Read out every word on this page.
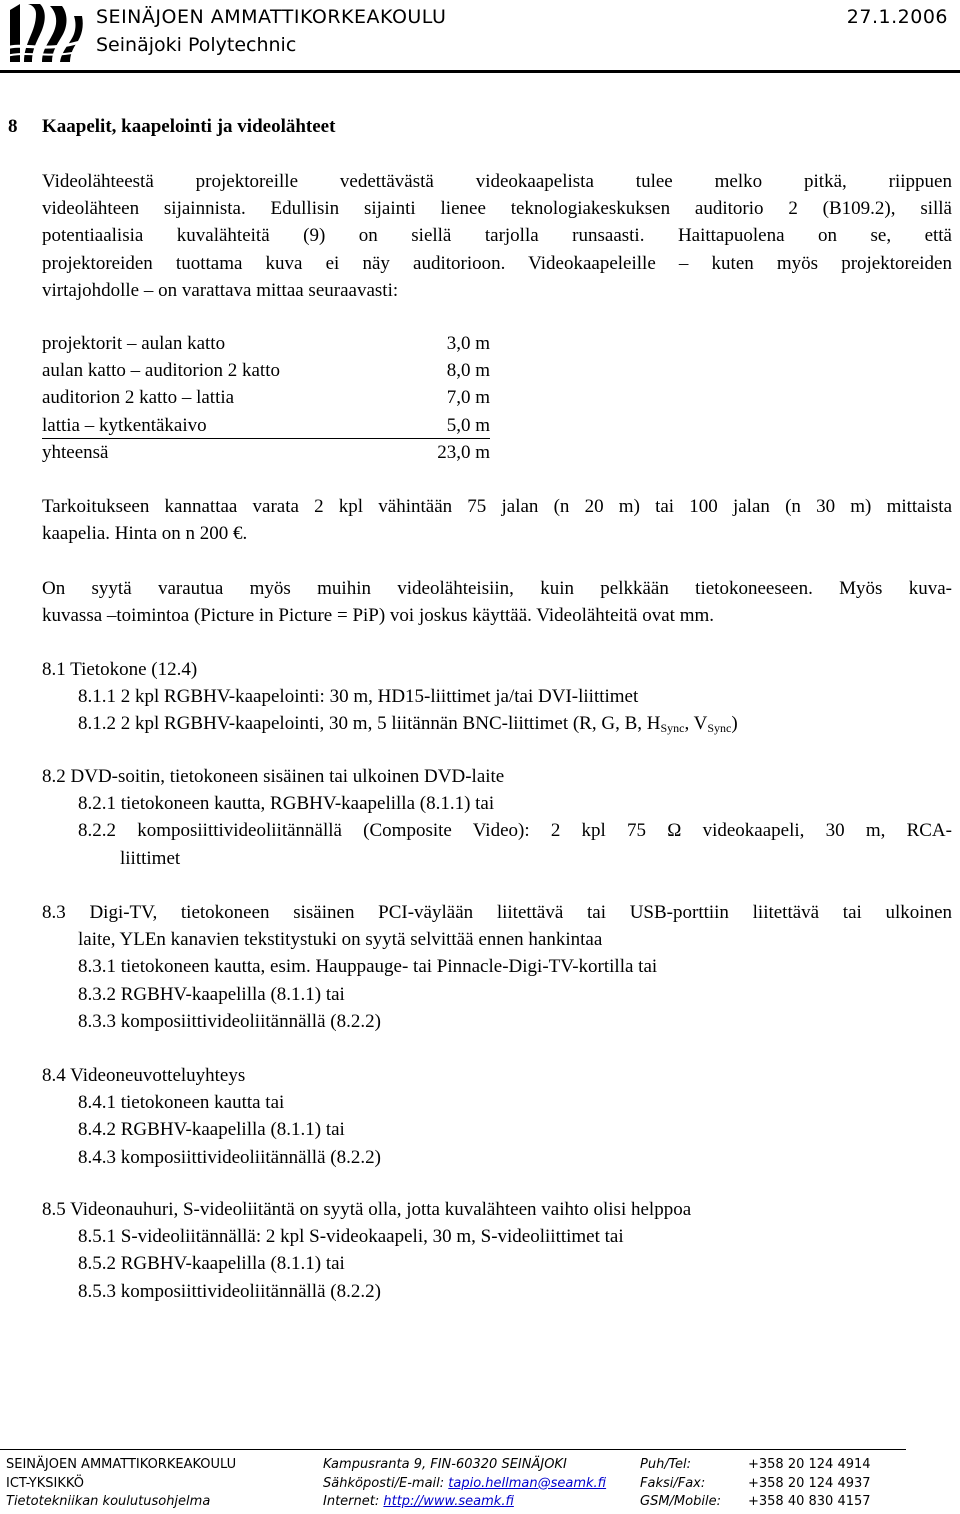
SEINÄJOEN AMMATTIKORKEAKOULU
Seinäjoki Polytechnic
27.1.2006
8 Kaapelit, kaapelointi ja videolähteet
Videolähteestä projektoreille vedettävästä videokaapelista tulee melko pitkä, riippuen
videolähteen sijainnista. Edullisin sijainti lienee teknologiakeskuksen auditorio 2 (B109.2), sillä
potentiaalisia kuvalähteitä (9) on siellä tarjolla runsaasti. Haittapuolena on se, että
projektoreiden tuottama kuva ei näy auditorioon. Videokaapeleille – kuten myös projektoreiden
virtajohdolle – on varattava mittaa seuraavasti:
projektorit – aulan katto	3,0 m
aulan katto – auditorion 2 katto	8,0 m
auditorion 2 katto – lattia	7,0 m
lattia – kytkentäkaivo	5,0 m
yhteensä	23,0 m
Tarkoitukseen kannattaa varata 2 kpl vähintään 75 jalan (n 20 m) tai 100 jalan (n 30 m) mittaista
kaapelia. Hinta on n 200 €.
On syytä varautua myös muihin videolähteisiin, kuin pelkkään tietokoneeseen. Myös kuva-
kuvassa –toimintoa (Picture in Picture = PiP) voi joskus käyttää. Videolähteitä ovat mm.
8.1 Tietokone (12.4)
8.1.1 2 kpl RGBHV-kaapelointi: 30 m, HD15-liittimet ja/tai DVI-liittimet
8.1.2 2 kpl RGBHV-kaapelointi, 30 m, 5 liitännän BNC-liittimet (R, G, B, $H_{Sync}$, $V_{Sync}$)
8.2 DVD-soitin, tietokoneen sisäinen tai ulkoinen DVD-laite
8.2.1 tietokoneen kautta, RGBHV-kaapelilla (8.1.1) tai
8.2.2 komposiittivideoliitännällä (Composite Video): 2 kpl 75 Ω videokaapeli, 30 m, RCA-
liittimet
8.3 Digi-TV, tietokoneen sisäinen PCI-väylään liitettävä tai USB-porttiin liitettävä tai ulkoinen
laite, YLEn kanavien tekstitystuki on syytä selvittää ennen hankintaa
8.3.1 tietokoneen kautta, esim. Hauppauge- tai Pinnacle-Digi-TV-kortilla tai
8.3.2 RGBHV-kaapelilla (8.1.1) tai
8.3.3 komposiittivideoliitännällä (8.2.2)
8.4 Videoneuvotteluyhteys
8.4.1 tietokoneen kautta tai
8.4.2 RGBHV-kaapelilla (8.1.1) tai
8.4.3 komposiittivideoliitännällä (8.2.2)
8.5 Videonauhuri, S-videoliitäntä on syytä olla, jotta kuvalähteen vaihto olisi helppoa
8.5.1 S-videoliitännällä: 2 kpl S-videokaapeli, 30 m, S-videoliittimet tai
8.5.2 RGBHV-kaapelilla (8.1.1) tai
8.5.3 komposiittivideoliitännällä (8.2.2)
SEINÄJOEN AMMATTIKORKEAKOULU
ICT-YKSIKKÖ
Tietotekniikan koulutusohjelma
Kampusranta 9, FIN-60320 SEINÄJOKI
Sähköposti/E-mail: tapio.hellman@seamk.fi
Internet: http://www.seamk.fi
Puh/Tel:
Faksi/Fax:
GSM/Mobile:
+358 20 124 4914
+358 20 124 4937
+358 40 830 4157
